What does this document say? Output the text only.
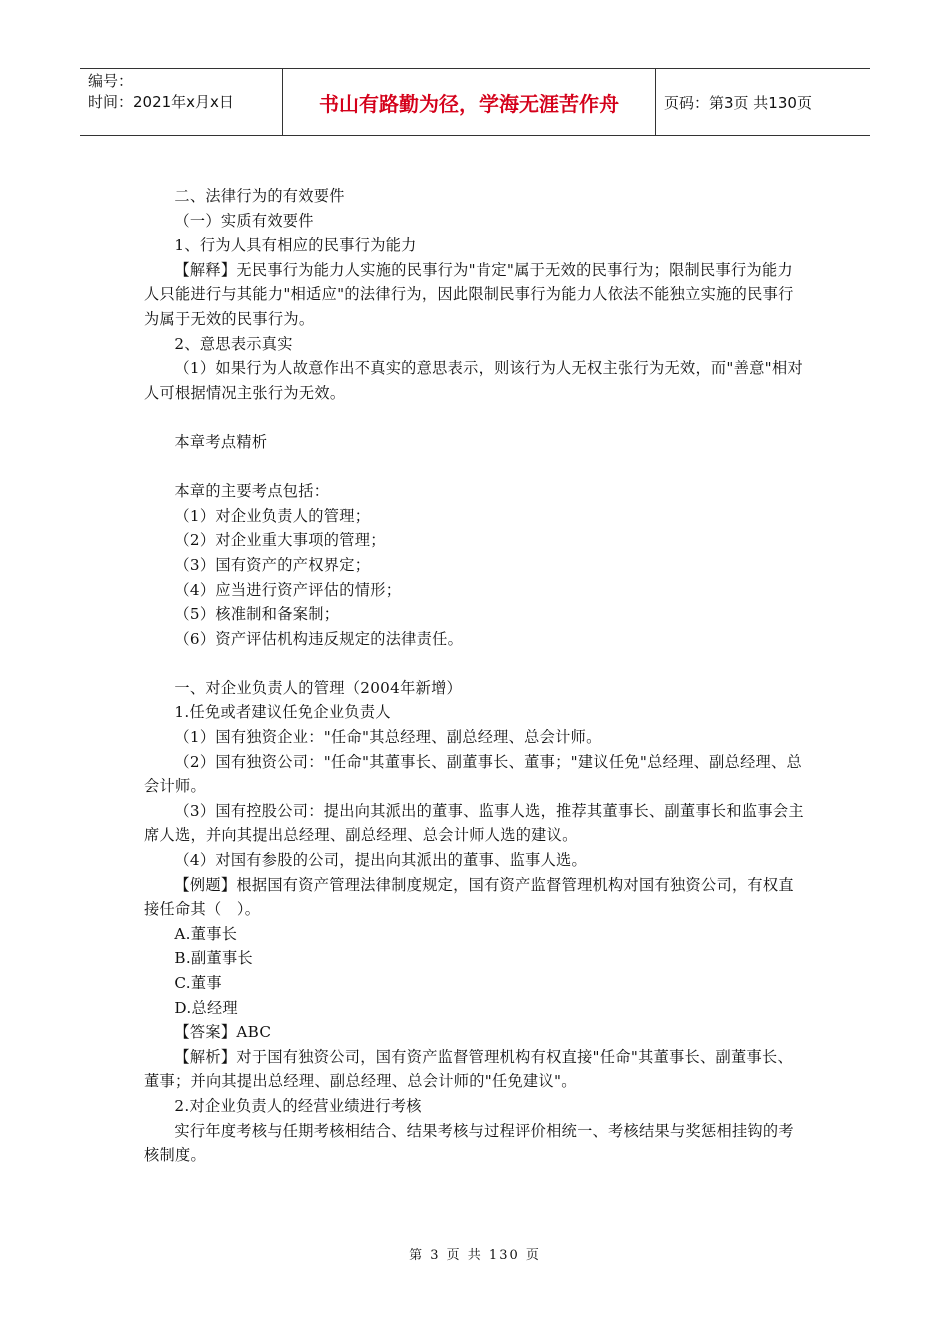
编号：
时间：2021年x月x日	书山有路勤为径，学海无涯苦作舟	页码：第3页 共130页

二、法律行为的有效要件

（一）实质有效要件

1、行为人具有相应的民事行为能力

【解释】无民事行为能力人实施的民事行为"肯定"属于无效的民事行为；限制民事行为能力人只能进行与其能力"相适应"的法律行为，因此限制民事行为能力人依法不能独立实施的民事行为属于无效的民事行为。

2、意思表示真实

（1）如果行为人故意作出不真实的意思表示，则该行为人无权主张行为无效，而"善意"相对人可根据情况主张行为无效。

本章考点精析

本章的主要考点包括：

（1）对企业负责人的管理；

（2）对企业重大事项的管理；

（3）国有资产的产权界定；

（4）应当进行资产评估的情形；

（5）核准制和备案制；

（6）资产评估机构违反规定的法律责任。

一、对企业负责人的管理（2004年新增）

1.任免或者建议任免企业负责人

（1）国有独资企业："任命"其总经理、副总经理、总会计师。

（2）国有独资公司："任命"其董事长、副董事长、董事；"建议任免"总经理、副总经理、总会计师。

（3）国有控股公司：提出向其派出的董事、监事人选，推荐其董事长、副董事长和监事会主席人选，并向其提出总经理、副总经理、总会计师人选的建议。

（4）对国有参股的公司，提出向其派出的董事、监事人选。

【例题】根据国有资产管理法律制度规定，国有资产监督管理机构对国有独资公司，有权直接任命其（　）。

A.董事长

B.副董事长

C.董事

D.总经理

【答案】ABC

【解析】对于国有独资公司，国有资产监督管理机构有权直接"任命"其董事长、副董事长、董事；并向其提出总经理、副总经理、总会计师的"任免建议"。

2.对企业负责人的经营业绩进行考核

实行年度考核与任期考核相结合、结果考核与过程评价相统一、考核结果与奖惩相挂钩的考核制度。

第 3 页 共 130 页
